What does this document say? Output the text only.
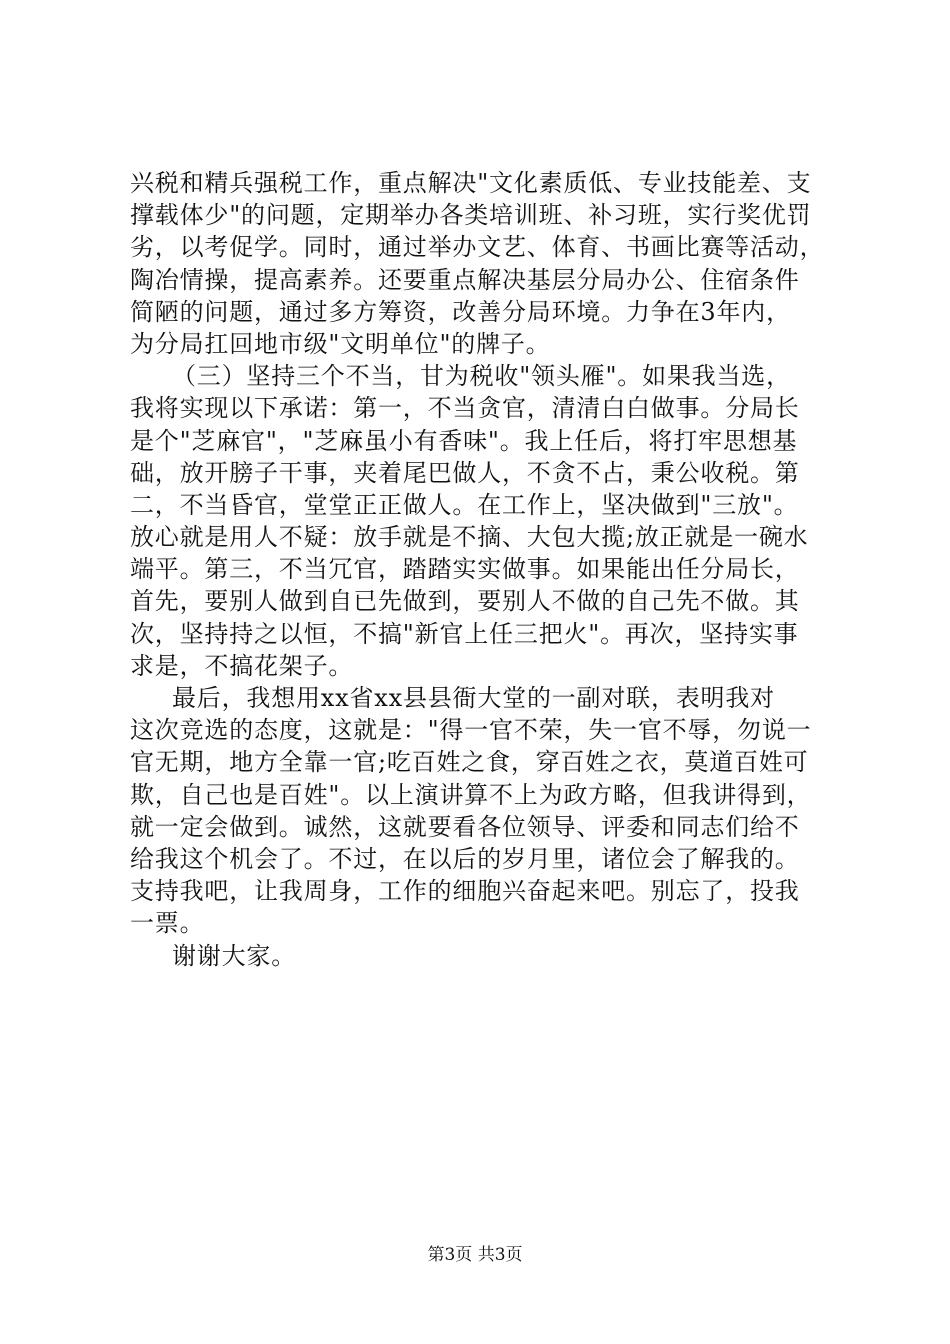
兴税和精兵强税工作，重点解决"文化素质低、专业技能差、支
撑载体少"的问题，定期举办各类培训班、补习班，实行奖优罚
劣，以考促学。同时，通过举办文艺、体育、书画比赛等活动，
陶冶情操，提高素养。还要重点解决基层分局办公、住宿条件
简陋的问题，通过多方筹资，改善分局环境。力争在3年内，
为分局扛回地市级"文明单位"的牌子。
（三）坚持三个不当，甘为税收"领头雁"。如果我当选，
我将实现以下承诺：第一，不当贪官，清清白白做事。分局长
是个"芝麻官"，"芝麻虽小有香味"。我上任后，将打牢思想基
础，放开膀子干事，夹着尾巴做人，不贪不占，秉公收税。第
二，不当昏官，堂堂正正做人。在工作上，坚决做到"三放"。
放心就是用人不疑：放手就是不摘、大包大揽;放正就是一碗水
端平。第三，不当冗官，踏踏实实做事。如果能出任分局长，
首先，要别人做到自已先做到，要别人不做的自己先不做。其
次，坚持持之以恒，不搞"新官上任三把火"。再次，坚持实事
求是，不搞花架子。
最后，我想用xx省xx县县衙大堂的一副对联，表明我对
这次竞选的态度，这就是："得一官不荣，失一官不辱，勿说一
官无期，地方全靠一官;吃百姓之食，穿百姓之衣，莫道百姓可
欺，自己也是百姓"。以上演讲算不上为政方略，但我讲得到，
就一定会做到。诚然，这就要看各位领导、评委和同志们给不
给我这个机会了。不过，在以后的岁月里，诸位会了解我的。
支持我吧，让我周身，工作的细胞兴奋起来吧。别忘了，投我
一票。
谢谢大家。
第3页 共3页
